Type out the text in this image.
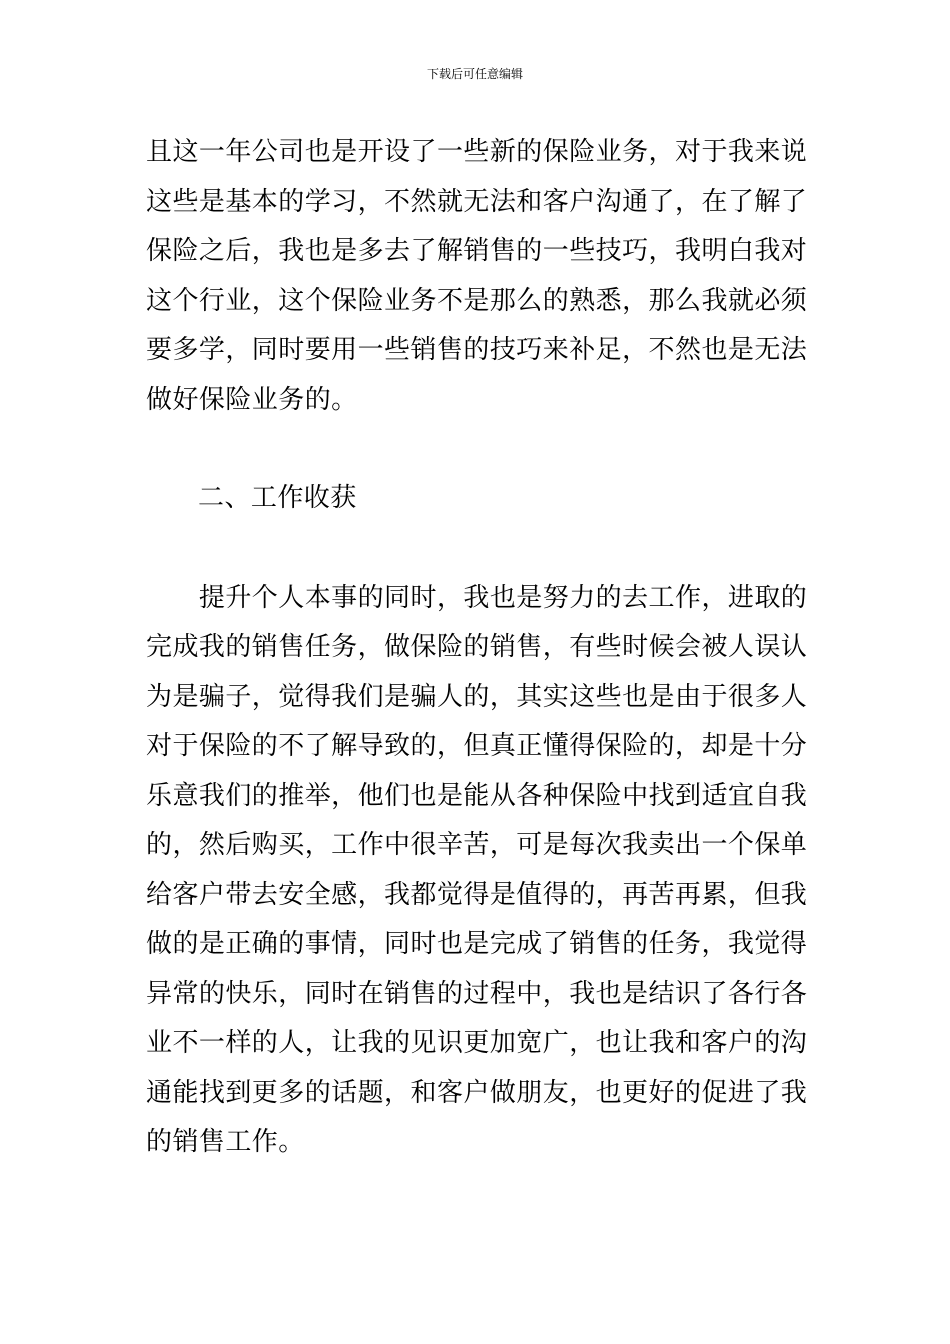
下载后可任意编辑

且这一年公司也是开设了一些新的保险业务，对于我来说
这些是基本的学习，不然就无法和客户沟通了，在了解了
保险之后，我也是多去了解销售的一些技巧，我明白我对
这个行业，这个保险业务不是那么的熟悉，那么我就必须
要多学，同时要用一些销售的技巧来补足，不然也是无法
做好保险业务的。

二、工作收获

　　提升个人本事的同时，我也是努力的去工作，进取的
完成我的销售任务，做保险的销售，有些时候会被人误认
为是骗子，觉得我们是骗人的，其实这些也是由于很多人
对于保险的不了解导致的，但真正懂得保险的，却是十分
乐意我们的推举，他们也是能从各种保险中找到适宜自我
的，然后购买，工作中很辛苦，可是每次我卖出一个保单
给客户带去安全感，我都觉得是值得的，再苦再累，但我
做的是正确的事情，同时也是完成了销售的任务，我觉得
异常的快乐，同时在销售的过程中，我也是结识了各行各
业不一样的人，让我的见识更加宽广，也让我和客户的沟
通能找到更多的话题，和客户做朋友，也更好的促进了我
的销售工作。
